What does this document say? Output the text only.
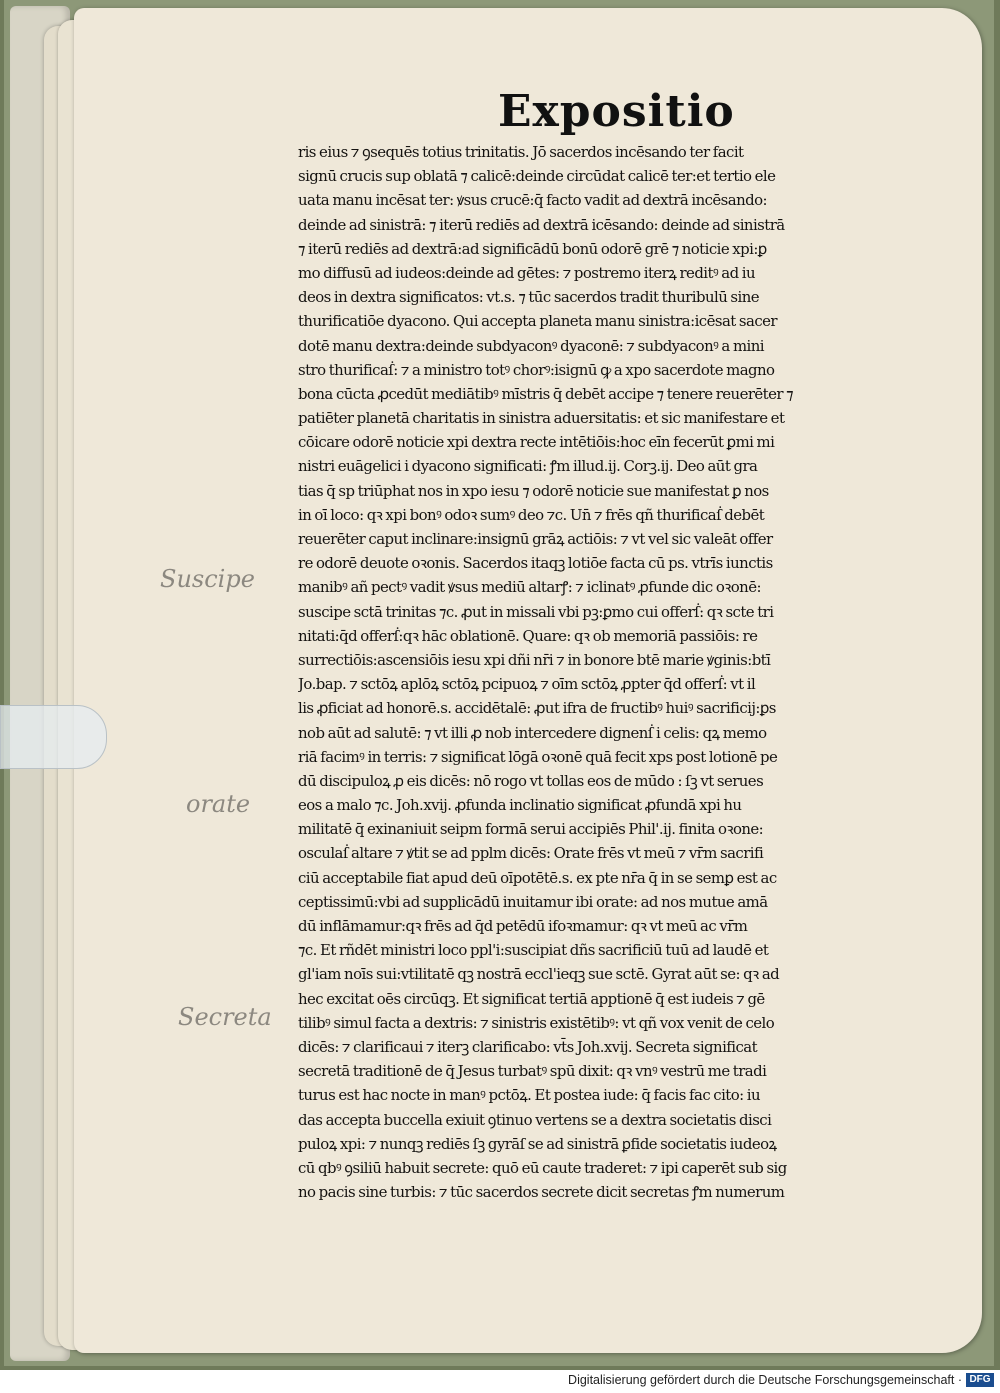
Expositio
ris eius ⁊ ꝯsequēs totius trinitatis. Jō sacerdos incēsando ter facit
signū crucis sup oblatā ⁊ calicē:deinde circūdat calicē ter:et tertio ele
uata manu incēsat ter: ꝟsus crucē:q̄ facto vadit ad dextrā incēsando:
deinde ad sinistrā: ⁊ iterū rediēs ad dextrā icēsando: deinde ad sinistrā
⁊ iterū rediēs ad dextrā:ad significādū bonū odorē grē ⁊ noticie xpi:ꝑ
mo diffusū ad iudeos:deinde ad gētes: ⁊ postremo iterꝝ reditꝰ ad iu
deos in dextra significatos: vt.s. ⁊ tūc sacerdos tradit thuribulū sine
thurificatiōe dyacono. Qui accepta planeta manu sinistra:icēsat sacer
dotē manu dextra:deinde subdyaconꝰ dyaconē: ⁊ subdyaconꝰ a mini
stro thurificaẛ: ⁊ a ministro totꝰ chorꝰ:isignū ꝙ a xpo sacerdote magno
bona cūcta ꝓcedūt mediātibꝰ mīstris q̄ debēt accipe ⁊ tenere reuerēter ⁊
patiēter planetā charitatis in sinistra aduersitatis: et sic manifestare et
cōicare odorē noticie xpi dextra recte intētiōis:hoc eīn fecerūt ꝑmi mi
nistri euāgelici i dyacono significati: ꝭm illud.ij. Corꝫ.ij. Deo aūt gra
tias q̄ sp triūphat nos in xpo iesu ⁊ odorē noticie sue manifestat ꝑ nos
in oī loco: qꝛ xpi bonꝰ odoꝛ sumꝰ deo ⁊c. Un̄ ⁊ frēs qñ thurificaẛ debēt
reuerēter caput inclinare:insignū grāꝝ actiōis: ⁊ vt vel sic valeāt offer
re odorē deuote oꝛonis. Sacerdos itaqꝫ lotiōe facta cū ps. vtrīs iunctis
manibꝰ añ pectꝰ vadit ꝟsus mediū altarꝭ: ⁊ iclinatꝰ ꝓfunde dic oꝛonē:
suscipe sctā trinitas ⁊c. ꝓut in missali vbi pꝫ:ꝑmo cui offerẛ: qꝛ scte tri
nitati:q̄d offerẛ:qꝛ hāc oblationē. Quare: qꝛ ob memoriā passiōis: re
surrectiōis:ascensiōis iesu xpi dñi nr̄i ⁊ in bonore btē marie ꝟginis:btī
Jo.bap. ⁊ sctōꝝ aplōꝝ sctōꝝ pcipuoꝝ ⁊ oīm sctōꝝ ꝓpter q̄d offerẛ: vt il
lis ꝓficiat ad honorē.s. accidētalē: ꝓut ifra de fructibꝰ huiꝰ sacrificij:ꝑs
nob aūt ad salutē: ⁊ vt illi ꝓ nob intercedere dignenẛ i celis: qꝝ memo
riā facimꝰ in terris: ⁊ significat lōgā oꝛonē quā fecit xps post lotionē pe
dū discipuloꝝ ꝓ eis dicēs: nō rogo vt tollas eos de mūdo : ſꝫ vt serues
eos a malo ⁊c. Joh.xvij. ꝓfunda inclinatio significat ꝓfundā xpi hu
militatē q̄ exinaniuit seipm formā serui accipiēs Phil'.ij. finita oꝛone:
osculaẛ altare ⁊ ꝟtit se ad pplm dicēs: Orate frēs vt meū ⁊ vr̄m sacrifi
ciū acceptabile fiat apud deū oīpotētē.s. ex pte nr̄a q̄ in se semꝑ est ac
ceptissimū:vbi ad supplicādū inuitamur ibi orate: ad nos mutue amā
dū inflāmamur:qꝛ frēs ad q̄d petēdū ifoꝛmamur: qꝛ vt meū ac vr̄m
⁊c. Et rñdēt ministri loco ppl'i:suscipiat dñs sacrificiū tuū ad laudē et
gl'iam noīs sui:vtilitatē qꝫ nostrā eccl'ieqꝫ sue sctē. Gyrat aūt se: qꝛ ad
hec excitat oēs circūqꝫ. Et significat tertiā apptionē q̄ est iudeis ⁊ gē
tilibꝰ simul facta a dextris: ⁊ sinistris existētibꝰ: vt qñ vox venit de celo
dicēs: ⁊ clarificaui ⁊ iterꝫ clarificabo: vt̄s Joh.xvij. Secreta significat
secretā traditionē de q̄ Jesus turbatꝰ spū dixit: qꝛ vnꝰ vestrū me tradi
turus est hac nocte in manꝰ pctōꝝ. Et postea iude: q̄ facis fac cito: iu
das accepta buccella exiuit ꝯtinuo vertens se a dextra societatis disci
puloꝝ xpi: ⁊ nunqꝫ rediēs ſꝫ gyrāſ se ad sinistrā ꝑfide societatis iudeoꝝ
cū qbꝰ ꝯsiliū habuit secrete: quō eū caute traderet: ⁊ ipi caperēt sub sig
no pacis sine turbis: ⁊ tūc sacerdos secrete dicit secretas ꝭm numerum
Suscipe
orate
Secreta
Digitalisierung gefördert durch die Deutsche Forschungsgemeinschaft · DFG
